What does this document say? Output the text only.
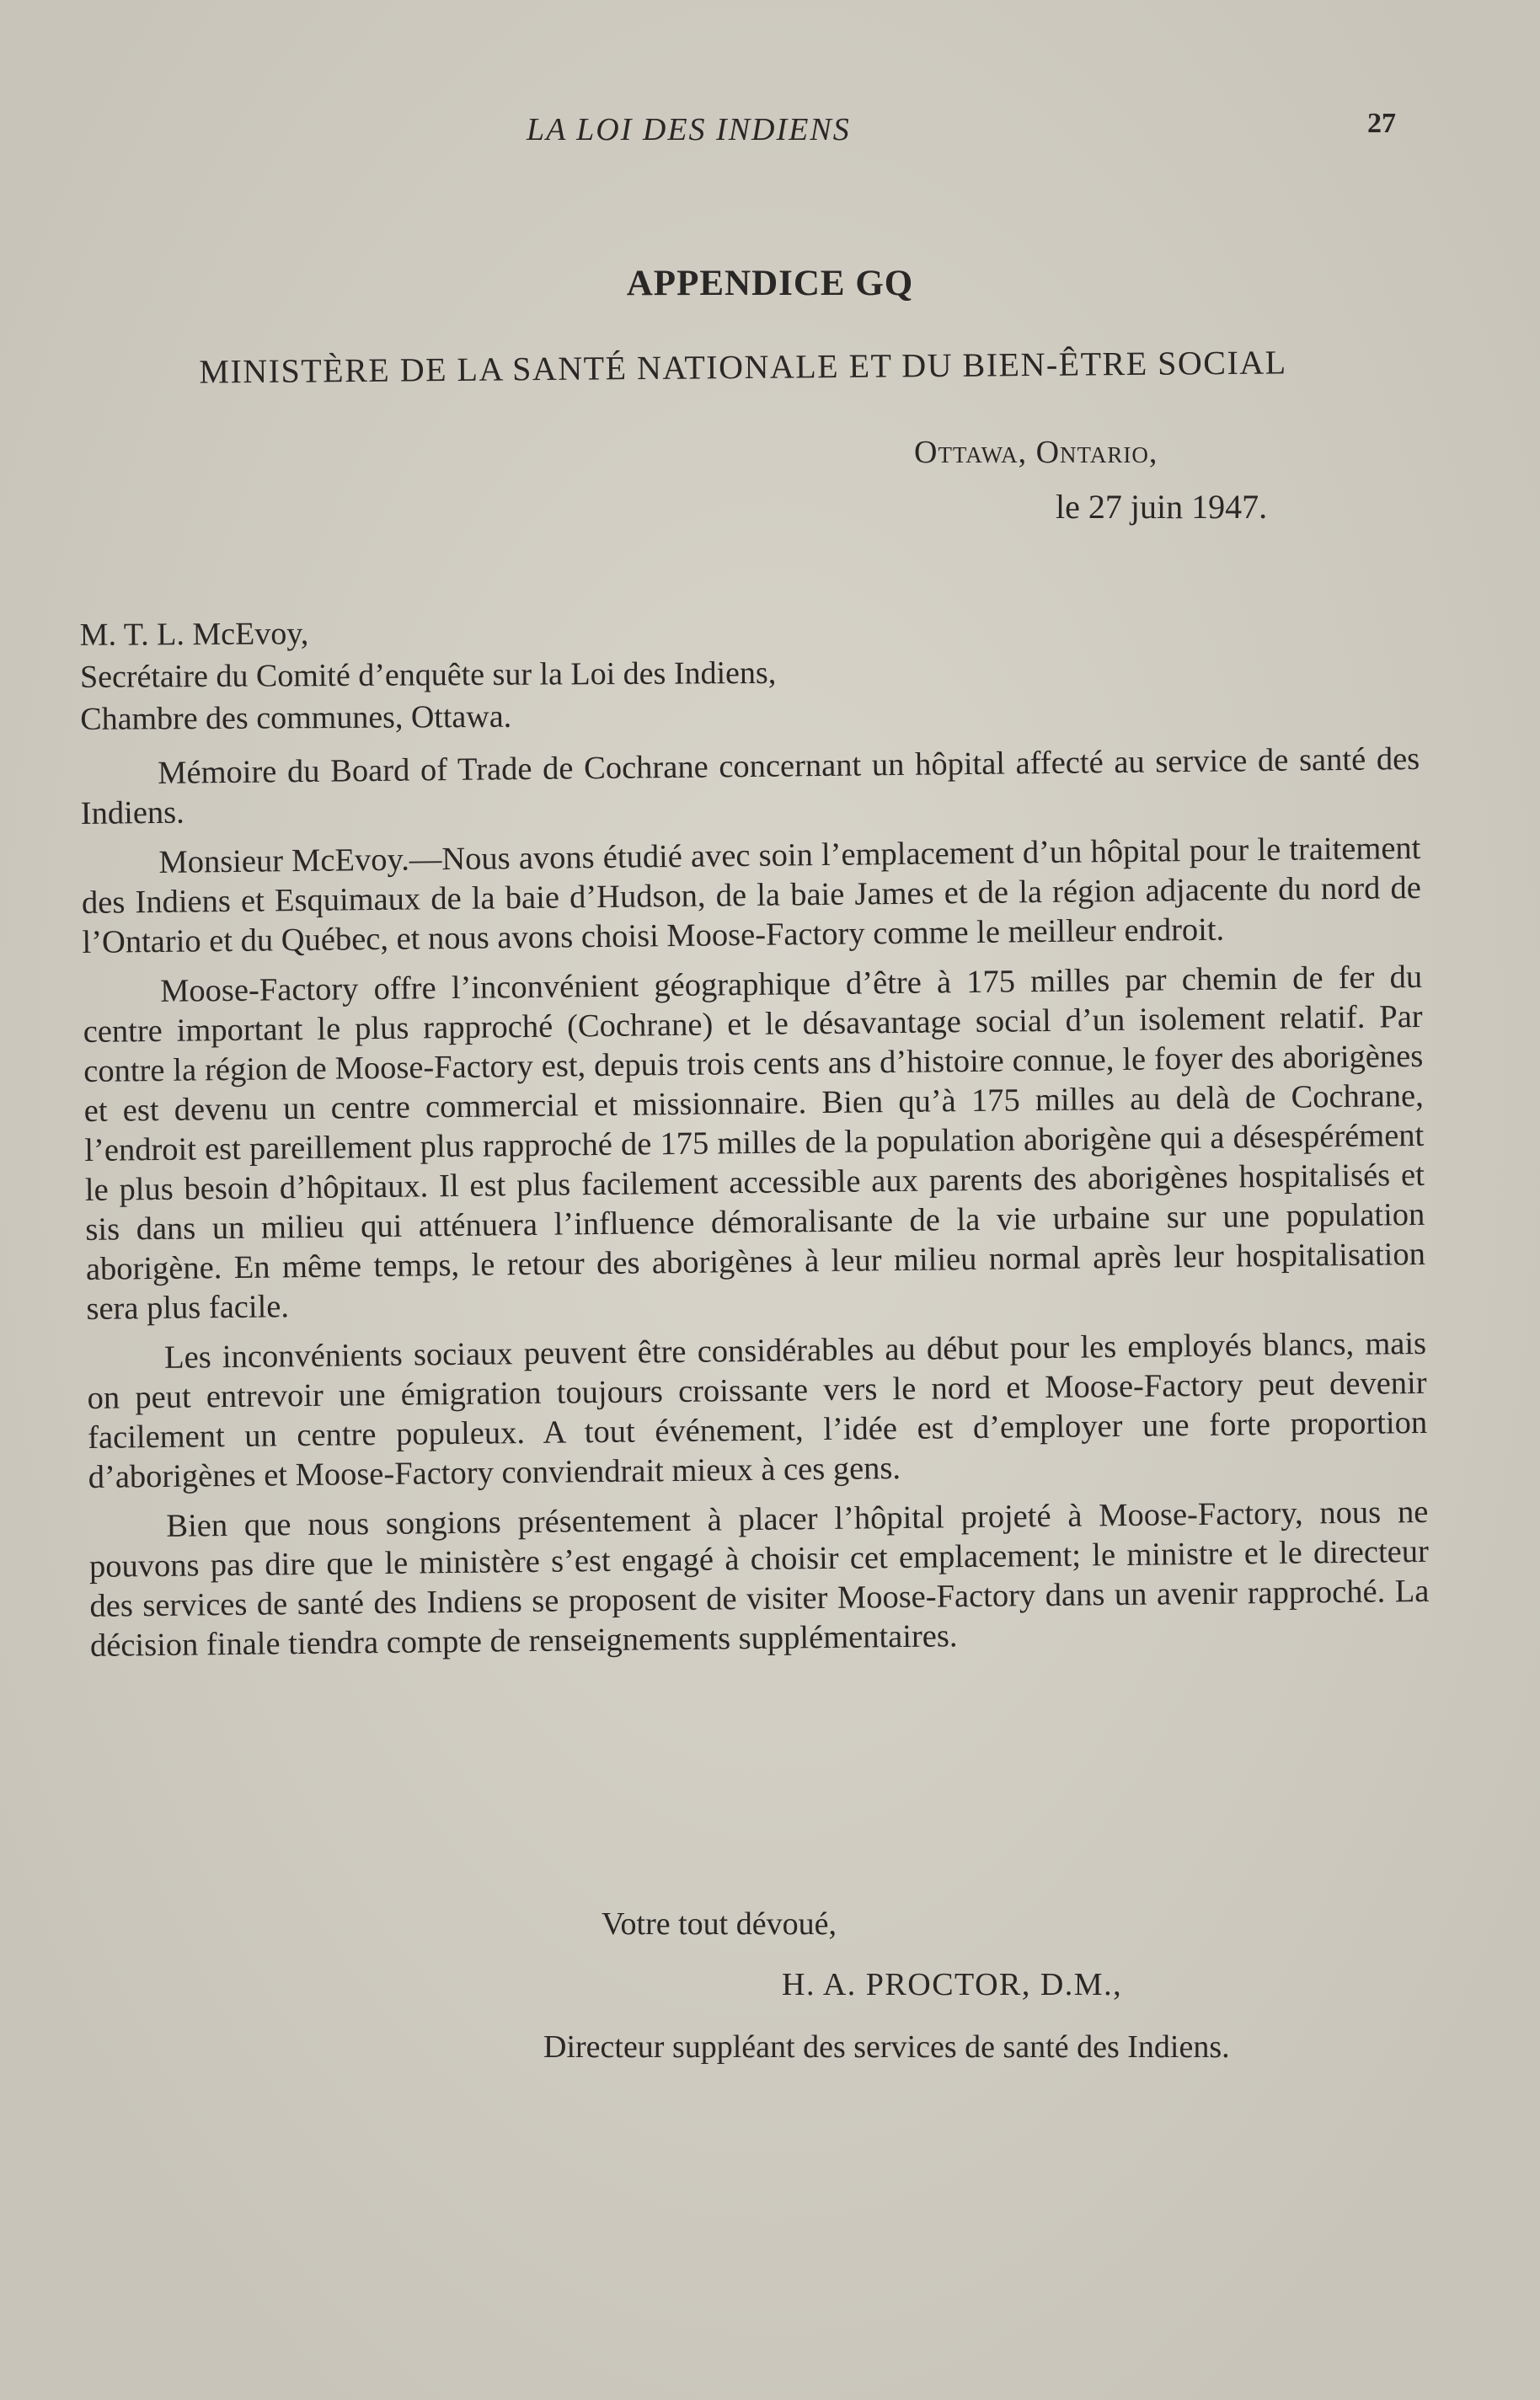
LA LOI DES INDIENS	27
APPENDICE GQ
MINISTÈRE DE LA SANTÉ NATIONALE ET DU BIEN-ÊTRE SOCIAL
Ottawa, Ontario,
le 27 juin 1947.
M. T. L. McEvoy,
Secrétaire du Comité d’enquête sur la Loi des Indiens,
Chambre des communes, Ottawa.

Mémoire du Board of Trade de Cochrane concernant un hôpital affecté au service de santé des Indiens.

Monsieur McEvoy.—Nous avons étudié avec soin l’emplacement d’un hôpital pour le traitement des Indiens et Esquimaux de la baie d’Hudson, de la baie James et de la région adjacente du nord de l’Ontario et du Québec, et nous avons choisi Moose-Factory comme le meilleur endroit.

Moose-Factory offre l’inconvénient géographique d’être à 175 milles par chemin de fer du centre important le plus rapproché (Cochrane) et le désavantage social d’un isolement relatif. Par contre la région de Moose-Factory est, depuis trois cents ans d’histoire connue, le foyer des aborigènes et est devenu un centre commercial et missionnaire. Bien qu’à 175 milles au delà de Cochrane, l’endroit est pareillement plus rapproché de 175 milles de la population aborigène qui a désespérément le plus besoin d’hôpitaux. Il est plus facilement accessible aux parents des aborigènes hospitalisés et sis dans un milieu qui atténuera l’influence démoralisante de la vie urbaine sur une population aborigène. En même temps, le retour des aborigènes à leur milieu normal après leur hospitalisation sera plus facile.

Les inconvénients sociaux peuvent être considérables au début pour les employés blancs, mais on peut entrevoir une émigration toujours croissante vers le nord et Moose-Factory peut devenir facilement un centre populeux. A tout événement, l’idée est d’employer une forte proportion d’aborigènes et Moose-Factory conviendrait mieux à ces gens.

Bien que nous songions présentement à placer l’hôpital projeté à Moose-Factory, nous ne pouvons pas dire que le ministère s’est engagé à choisir cet emplacement; le ministre et le directeur des services de santé des Indiens se proposent de visiter Moose-Factory dans un avenir rapproché. La décision finale tiendra compte de renseignements supplémentaires.

Votre tout dévoué,
H. A. PROCTOR, D.M.,
Directeur suppléant des services de santé des Indiens.
